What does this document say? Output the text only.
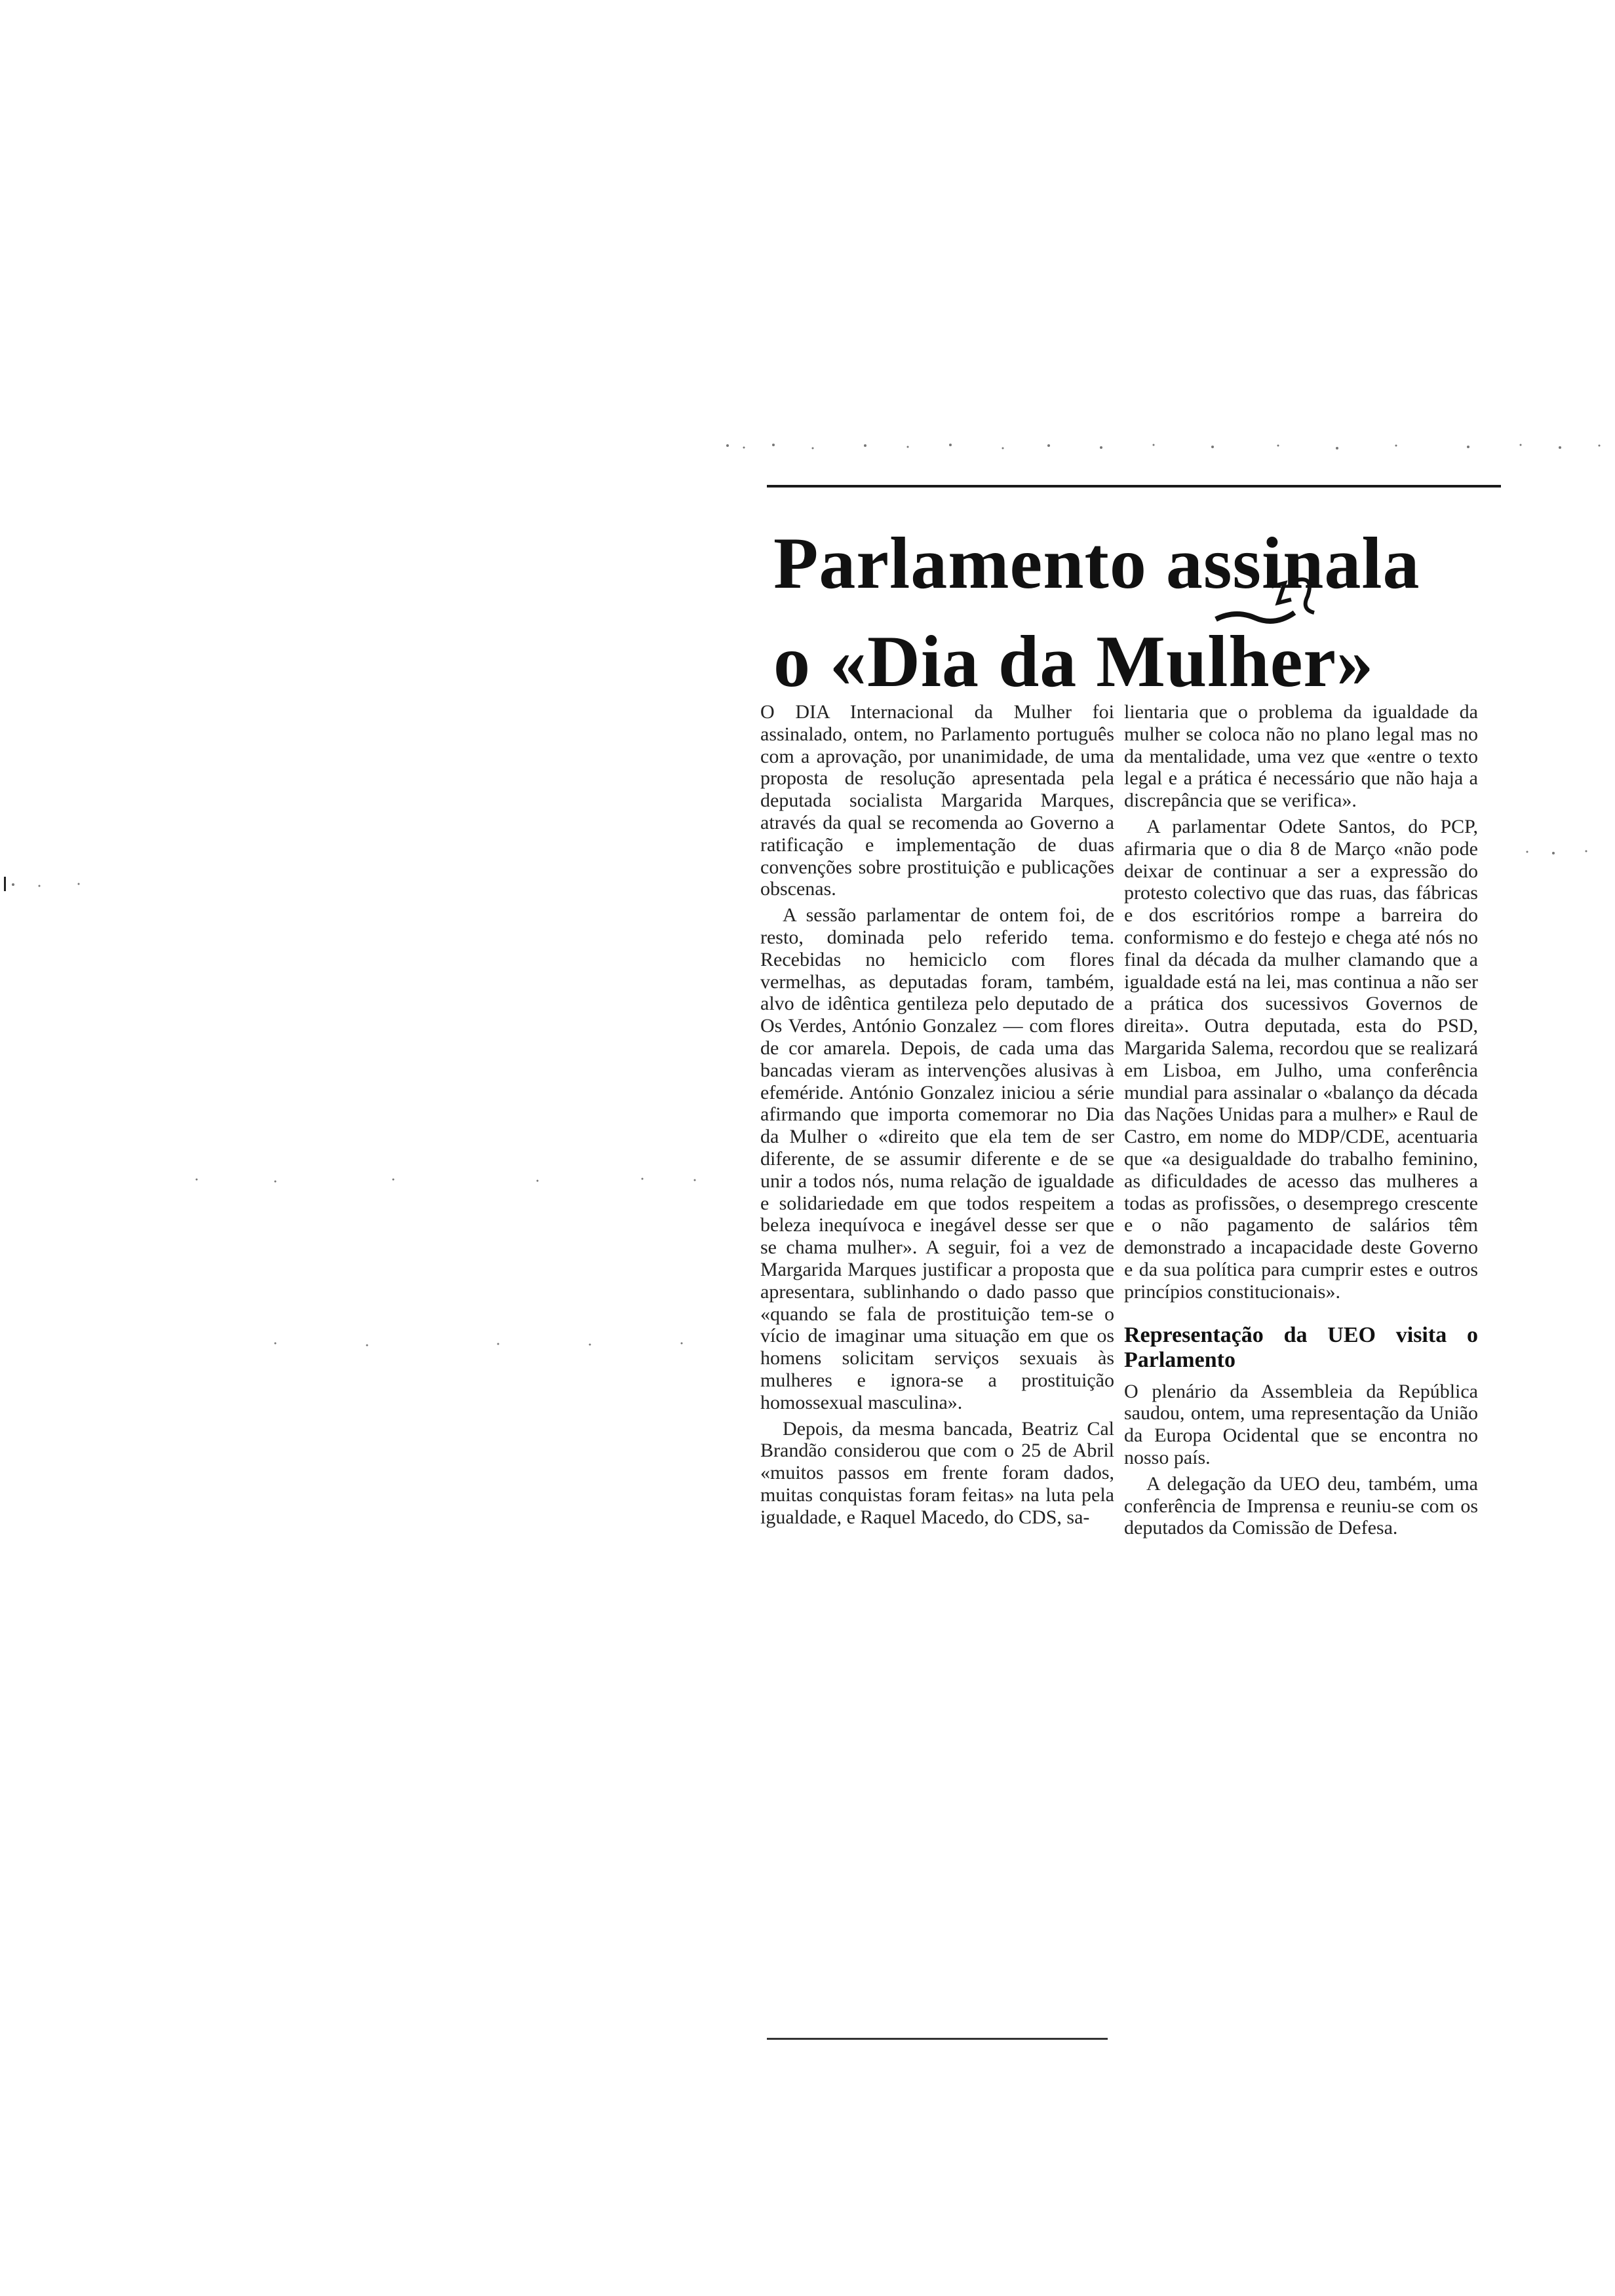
Parlamento assinala
o «Dia da Mulher»

O DIA Internacional da Mulher foi assinalado, ontem, no Parlamento português com a aprovação, por unanimidade, de uma proposta de resolução apresentada pela deputada socialista Margarida Marques, através da qual se recomenda ao Governo a ratificação e implementação de duas convenções sobre prostituição e publicações obscenas.

A sessão parlamentar de ontem foi, de resto, dominada pelo referido tema. Recebidas no hemiciclo com flores vermelhas, as deputadas foram, também, alvo de idêntica gentileza pelo deputado de Os Verdes, António Gonzalez — com flores de cor amarela. Depois, de cada uma das bancadas vieram as intervenções alusivas à efeméride. António Gonzalez iniciou a série afirmando que importa comemorar no Dia da Mulher o «direito que ela tem de ser diferente, de se assumir diferente e de se unir a todos nós, numa relação de igualdade e solidariedade em que todos respeitem a beleza inequívoca e inegável desse ser que se chama mulher». A seguir, foi a vez de Margarida Marques justificar a proposta que apresentara, sublinhando o dado passo que «quando se fala de prostituição tem-se o vício de imaginar uma situação em que os homens solicitam serviços sexuais às mulheres e ignora-se a prostituição homossexual masculina».

Depois, da mesma bancada, Beatriz Cal Brandão considerou que com o 25 de Abril «muitos passos em frente foram dados, muitas conquistas foram feitas» na luta pela igualdade, e Raquel Macedo, do CDS, sa-

lientaria que o problema da igualdade da mulher se coloca não no plano legal mas no da mentalidade, uma vez que «entre o texto legal e a prática é necessário que não haja a discrepância que se verifica».

A parlamentar Odete Santos, do PCP, afirmaria que o dia 8 de Março «não pode deixar de continuar a ser a expressão do protesto colectivo que das ruas, das fábricas e dos escritórios rompe a barreira do conformismo e do festejo e chega até nós no final da década da mulher clamando que a igualdade está na lei, mas continua a não ser a prática dos sucessivos Governos de direita». Outra deputada, esta do PSD, Margarida Salema, recordou que se realizará em Lisboa, em Julho, uma conferência mundial para assinalar o «balanço da década das Nações Unidas para a mulher» e Raul de Castro, em nome do MDP/CDE, acentuaria que «a desigualdade do trabalho feminino, as dificuldades de acesso das mulheres a todas as profissões, o desemprego crescente e o não pagamento de salários têm demonstrado a incapacidade deste Governo e da sua política para cumprir estes e outros princípios constitucionais».

Representação da UEO visita o Parlamento

O plenário da Assembleia da República saudou, ontem, uma representação da União da Europa Ocidental que se encontra no nosso país.

A delegação da UEO deu, também, uma conferência de Imprensa e reuniu-se com os deputados da Comissão de Defesa.
